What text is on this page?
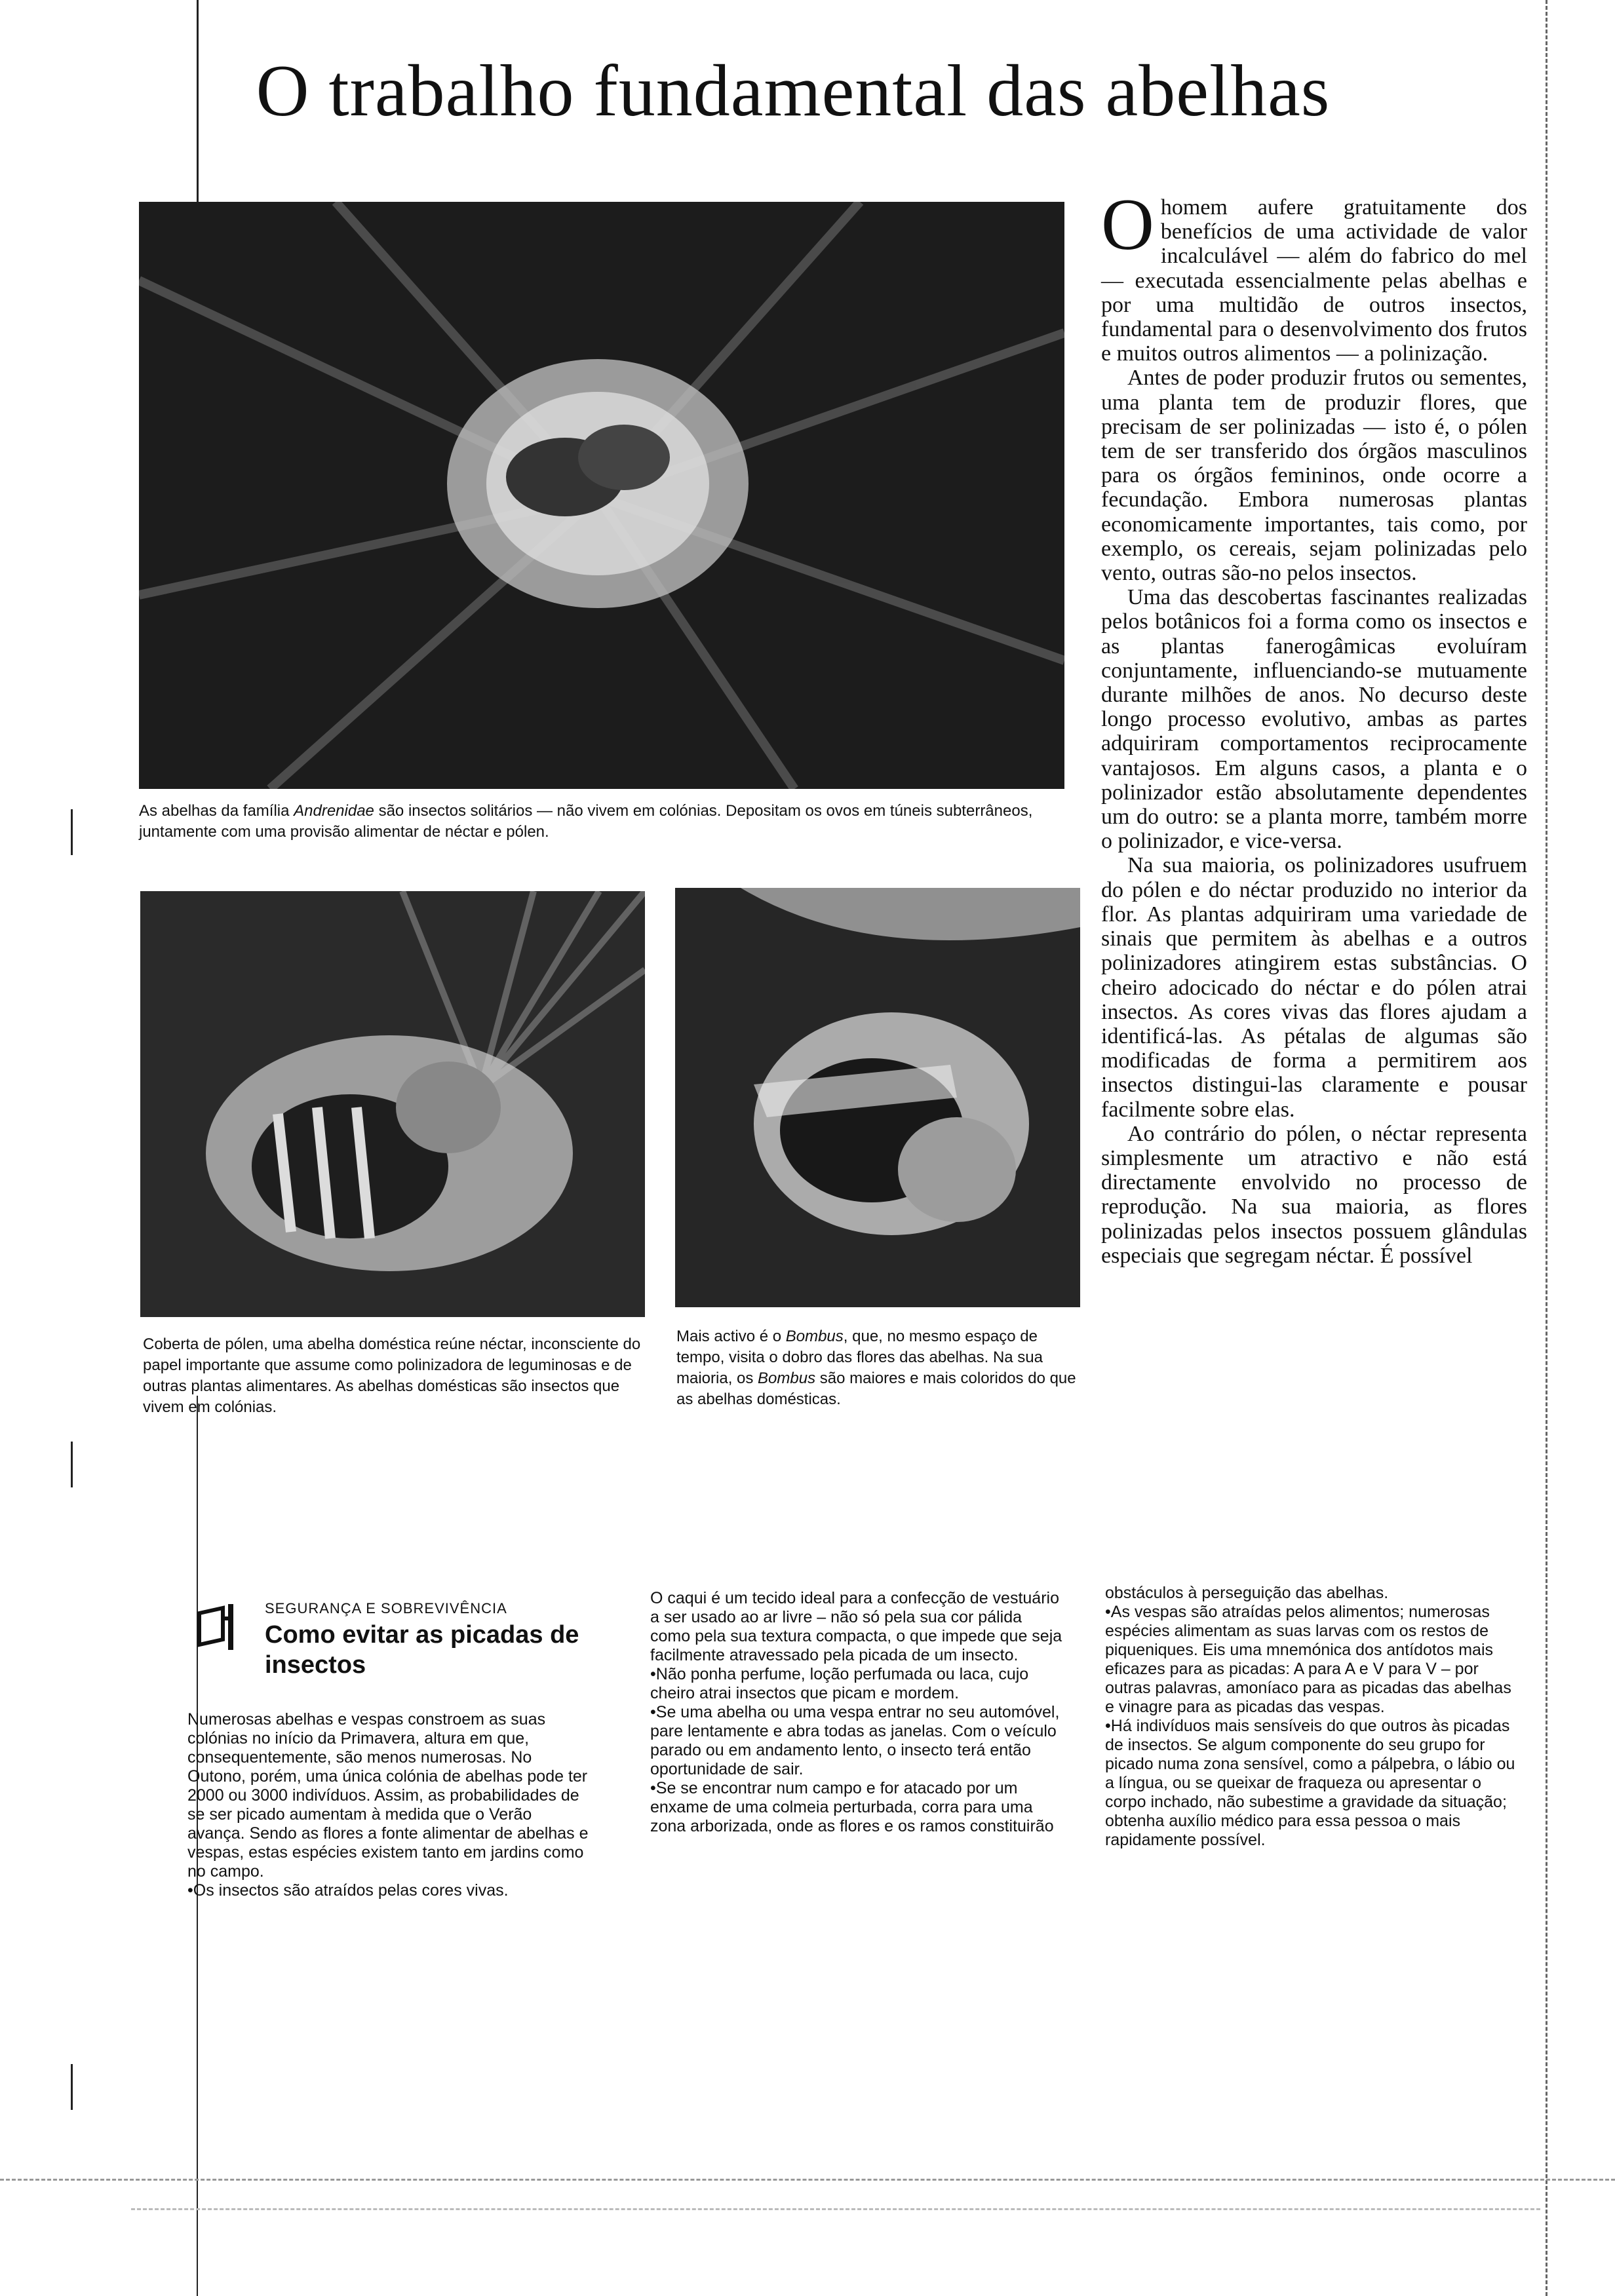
O trabalho fundamental das abelhas
As abelhas da família Andrenidae são insectos solitários — não vivem em colónias. Depositam os ovos em túneis subterrâneos, juntamente com uma provisão alimentar de néctar e pólen.
Coberta de pólen, uma abelha doméstica reúne néctar, inconsciente do papel importante que assume como polinizadora de leguminosas e de outras plantas alimentares. As abelhas domésticas são insectos que vivem em colónias.
Mais activo é o Bombus, que, no mesmo espaço de tempo, visita o dobro das flores das abelhas. Na sua maioria, os Bombus são maiores e mais coloridos do que as abelhas domésticas.

Ohomem aufere gratuitamente dos benefícios de uma actividade de valor incalculável — além do fabrico do mel — executada essencialmente pelas abelhas e por uma multidão de outros insectos, fundamental para o desenvolvimento dos frutos e muitos outros alimentos — a polinização.

Antes de poder produzir frutos ou sementes, uma planta tem de produzir flores, que precisam de ser polinizadas — isto é, o pólen tem de ser transferido dos órgãos masculinos para os órgãos femininos, onde ocorre a fecundação. Embora numerosas plantas economicamente importantes, tais como, por exemplo, os cereais, sejam polinizadas pelo vento, outras são-no pelos insectos.

Uma das descobertas fascinantes realizadas pelos botânicos foi a forma como os insectos e as plantas fanerogâmicas evoluíram conjuntamente, influenciando-se mutuamente durante milhões de anos. No decurso deste longo processo evolutivo, ambas as partes adquiriram comportamentos reciprocamente vantajosos. Em alguns casos, a planta e o polinizador estão absolutamente dependentes um do outro: se a planta morre, também morre o polinizador, e vice-versa.

Na sua maioria, os polinizadores usufruem do pólen e do néctar produzido no interior da flor. As plantas adquiriram uma variedade de sinais que permitem às abelhas e a outros polinizadores atingirem estas substâncias. O cheiro adocicado do néctar e do pólen atrai insectos. As cores vivas das flores ajudam a identificá-las. As pétalas de algumas são modificadas de forma a permitirem aos insectos distingui-las claramente e pousar facilmente sobre elas.

Ao contrário do pólen, o néctar representa simplesmente um atractivo e não está directamente envolvido no processo de reprodução. Na sua maioria, as flores polinizadas pelos insectos possuem glândulas especiais que segregam néctar. É possível

SEGURANÇA E SOBREVIVÊNCIA
Como evitar as picadas de insectos

Numerosas abelhas e vespas constroem as suas colónias no início da Primavera, altura em que, consequentemente, são menos numerosas. No Outono, porém, uma única colónia de abelhas pode ter 2000 ou 3000 indivíduos. Assim, as probabilidades de se ser picado aumentam à medida que o Verão avança. Sendo as flores a fonte alimentar de abelhas e vespas, estas espécies existem tanto em jardins como no campo.

• Os insectos são atraídos pelas cores vivas.

O caqui é um tecido ideal para a confecção de vestuário a ser usado ao ar livre – não só pela sua cor pálida como pela sua textura compacta, o que impede que seja facilmente atravessado pela picada de um insecto.

• Não ponha perfume, loção perfumada ou laca, cujo cheiro atrai insectos que picam e mordem.

• Se uma abelha ou uma vespa entrar no seu automóvel, pare lentamente e abra todas as janelas. Com o veículo parado ou em andamento lento, o insecto terá então oportunidade de sair.

• Se se encontrar num campo e for atacado por um enxame de uma colmeia perturbada, corra para uma zona arborizada, onde as flores e os ramos constituirão

obstáculos à perseguição das abelhas.

• As vespas são atraídas pelos alimentos; numerosas espécies alimentam as suas larvas com os restos de piqueniques. Eis uma mnemónica dos antídotos mais eficazes para as picadas: A para A e V para V – por outras palavras, amoníaco para as picadas das abelhas e vinagre para as picadas das vespas.

• Há indivíduos mais sensíveis do que outros às picadas de insectos. Se algum componente do seu grupo for picado numa zona sensível, como a pálpebra, o lábio ou a língua, ou se queixar de fraqueza ou apresentar o corpo inchado, não subestime a gravidade da situação; obtenha auxílio médico para essa pessoa o mais rapidamente possível.
